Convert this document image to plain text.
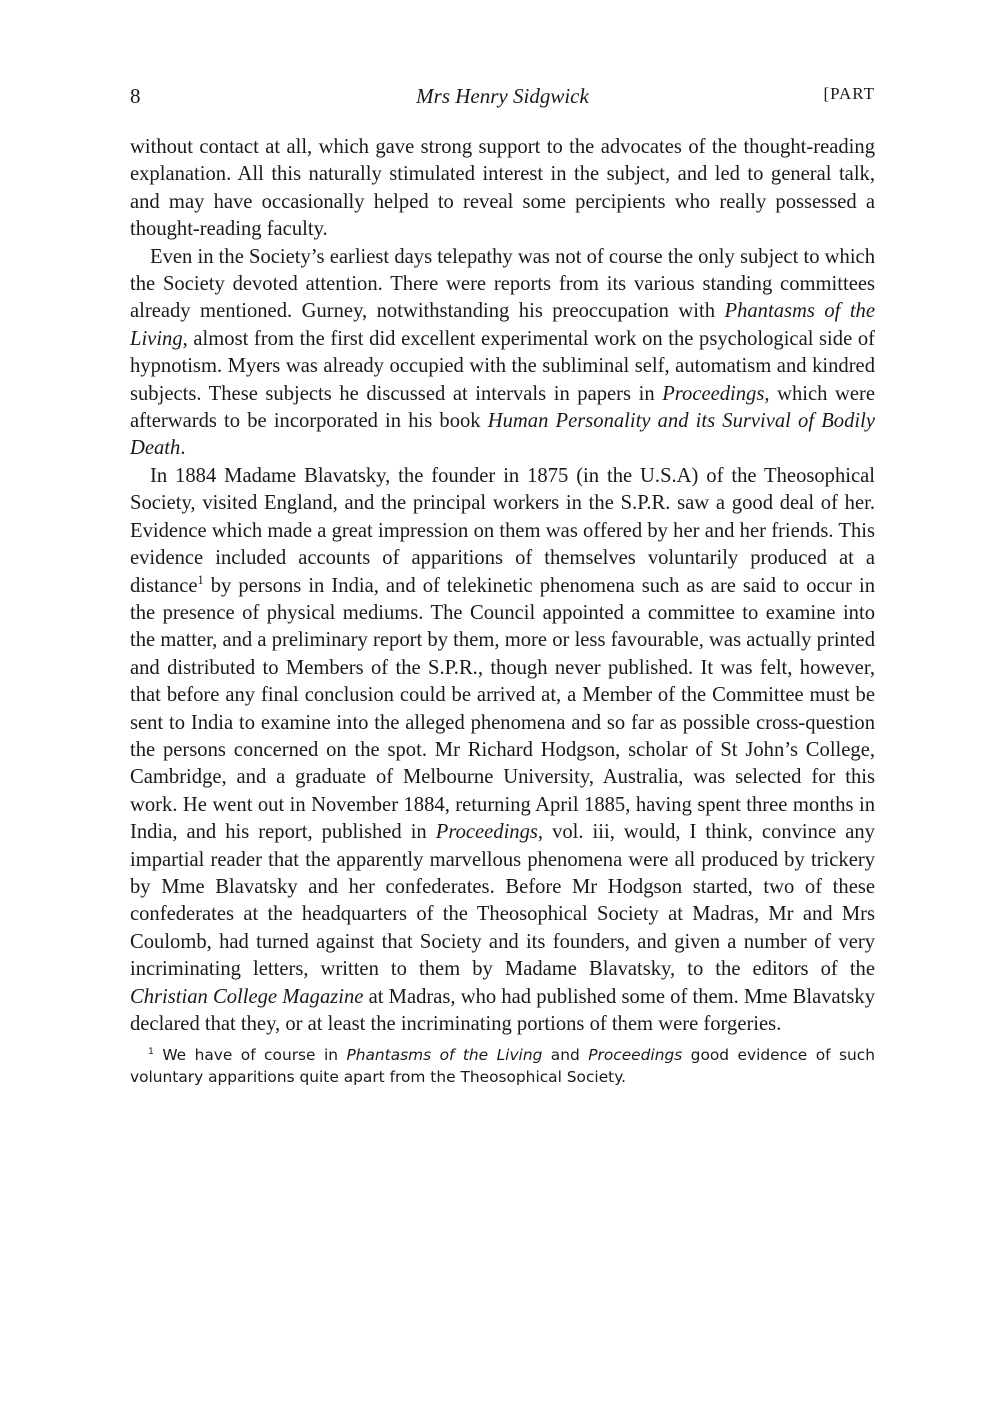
8	Mrs Henry Sidgwick	[PART

without contact at all, which gave strong support to the advocates of the thought-reading explanation. All this naturally stimulated interest in the subject, and led to general talk, and may have occasionally helped to reveal some percipients who really possessed a thought-reading faculty.

Even in the Society’s earliest days telepathy was not of course the only subject to which the Society devoted attention. There were reports from its various standing committees already mentioned. Gurney, notwithstanding his preoccupation with Phantasms of the Living, almost from the first did excellent experimental work on the psychological side of hypnotism. Myers was already occupied with the subliminal self, automatism and kindred subjects. These subjects he discussed at intervals in papers in Proceedings, which were afterwards to be incorporated in his book Human Personality and its Survival of Bodily Death.

In 1884 Madame Blavatsky, the founder in 1875 (in the U.S.A) of the Theosophical Society, visited England, and the principal workers in the S.P.R. saw a good deal of her. Evidence which made a great impression on them was offered by her and her friends. This evidence included accounts of apparitions of themselves voluntarily produced at a distance$^1$ by persons in India, and of telekinetic phenomena such as are said to occur in the presence of physical mediums. The Council appointed a committee to examine into the matter, and a preliminary report by them, more or less favourable, was actually printed and distributed to Members of the S.P.R., though never published. It was felt, however, that before any final conclusion could be arrived at, a Member of the Committee must be sent to India to examine into the alleged phenomena and so far as possible cross-question the persons concerned on the spot. Mr Richard Hodgson, scholar of St John’s College, Cambridge, and a graduate of Melbourne University, Australia, was selected for this work. He went out in November 1884, returning April 1885, having spent three months in India, and his report, published in Proceedings, vol. iii, would, I think, convince any impartial reader that the apparently marvellous phenomena were all produced by trickery by Mme Blavatsky and her confederates. Before Mr Hodgson started, two of these confederates at the headquarters of the Theosophical Society at Madras, Mr and Mrs Coulomb, had turned against that Society and its founders, and given a number of very incriminating letters, written to them by Madame Blavatsky, to the editors of the Christian College Magazine at Madras, who had published some of them. Mme Blavatsky declared that they, or at least the incriminating portions of them were forgeries.

$^1$ We have of course in Phantasms of the Living and Proceedings good evidence of such voluntary apparitions quite apart from the Theosophical Society.
